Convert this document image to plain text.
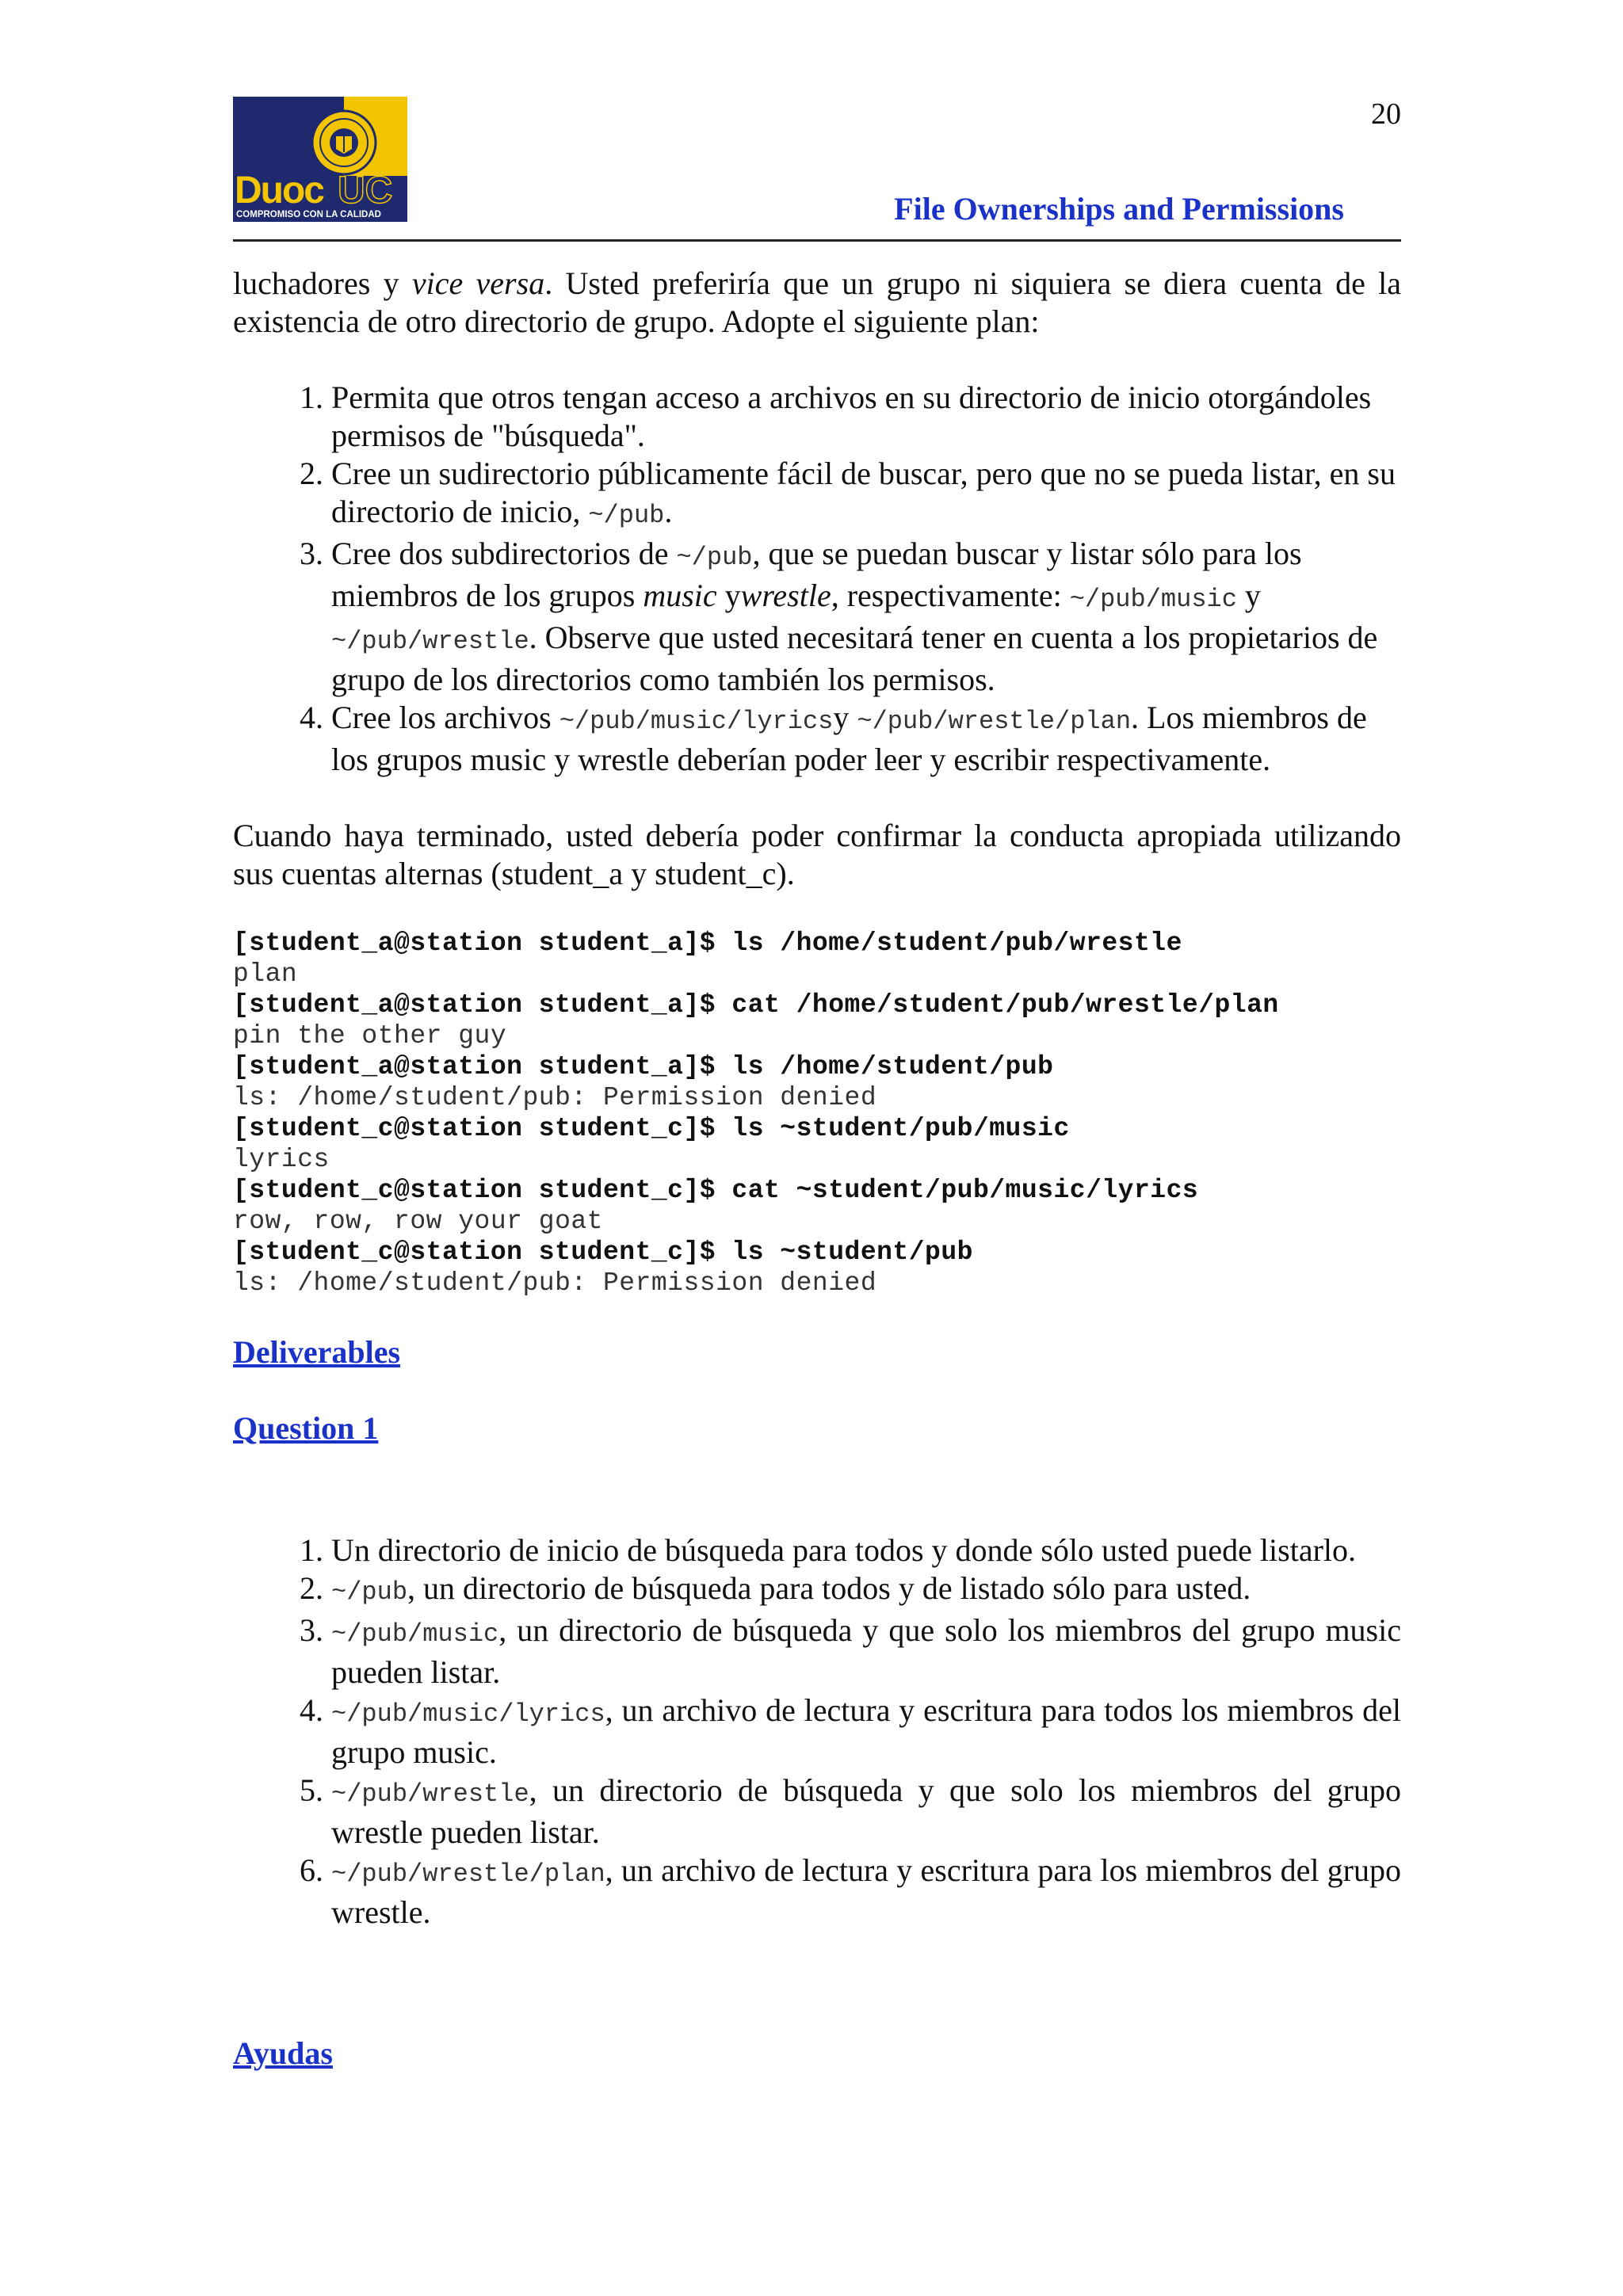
20
Duoc UC
COMPROMISO CON LA CALIDAD	File Ownerships and Permissions

luchadores y vice versa. Usted preferiría que un grupo ni siquiera se diera cuenta de la existencia de otro directorio de grupo. Adopte el siguiente plan:

1. Permita que otros tengan acceso a archivos en su directorio de inicio otorgándoles permisos de "búsqueda".
2. Cree un sudirectorio públicamente fácil de buscar, pero que no se pueda listar, en su directorio de inicio, ~/pub.
3. Cree dos subdirectorios de ~/pub, que se puedan buscar y listar sólo para los miembros de los grupos music ywrestle, respectivamente: ~/pub/music y ~/pub/wrestle. Observe que usted necesitará tener en cuenta a los propietarios de grupo de los directorios como también los permisos.
4. Cree los archivos ~/pub/music/lyricsy ~/pub/wrestle/plan. Los miembros de los grupos music y wrestle deberían poder leer y escribir respectivamente.

Cuando haya terminado, usted debería poder confirmar la conducta apropiada utilizando sus cuentas alternas (student_a y student_c).

[student_a@station student_a]$ ls /home/student/pub/wrestle
plan
[student_a@station student_a]$ cat /home/student/pub/wrestle/plan
pin the other guy
[student_a@station student_a]$ ls /home/student/pub
ls: /home/student/pub: Permission denied
[student_c@station student_c]$ ls ~student/pub/music
lyrics
[student_c@station student_c]$ cat ~student/pub/music/lyrics
row, row, row your goat
[student_c@station student_c]$ ls ~student/pub
ls: /home/student/pub: Permission denied
Deliverables
Question 1
1. Un directorio de inicio de búsqueda para todos y donde sólo usted puede listarlo.
2. ~/pub, un directorio de búsqueda para todos y de listado sólo para usted.
3. ~/pub/music, un directorio de búsqueda y que solo los miembros del grupo music pueden listar.
4. ~/pub/music/lyrics, un archivo de lectura y escritura para todos los miembros del grupo music.
5. ~/pub/wrestle, un directorio de búsqueda y que solo los miembros del grupo wrestle pueden listar.
6. ~/pub/wrestle/plan, un archivo de lectura y escritura para los miembros del grupo wrestle.
Ayudas
